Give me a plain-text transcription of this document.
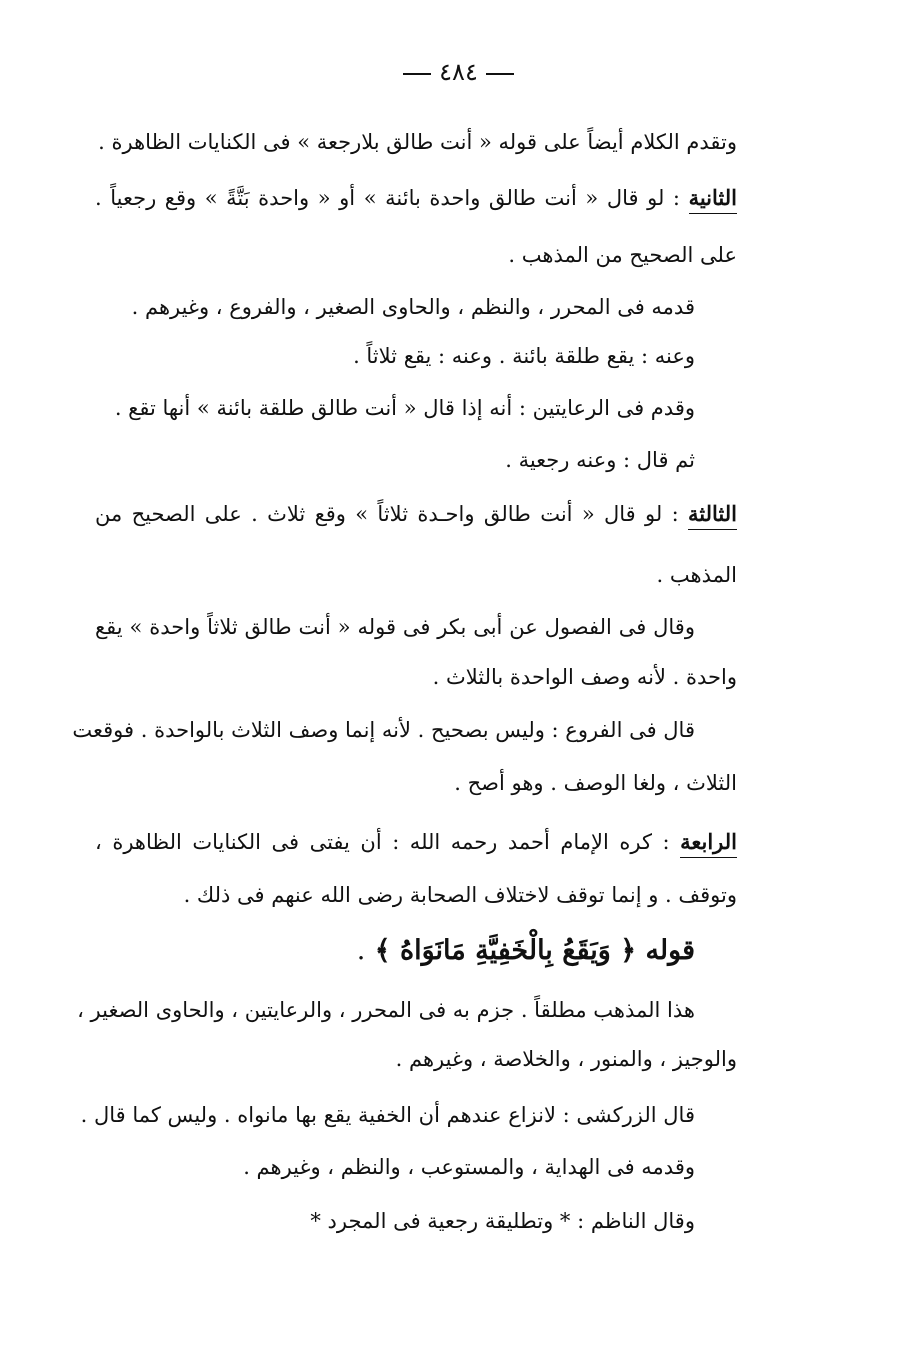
٤٨٤
وتقدم الكلام أيضاً على قوله « أنت طالق بلارجعة » فى الكنايات الظاهرة .
الثانية : لو قال « أنت طالق واحدة بائنة » أو « واحدة بَتَّةً » وقع رجعياً .
على الصحيح من المذهب .
قدمه فى المحرر ، والنظم ، والحاوى الصغير ، والفروع ، وغيرهم .
وعنه : يقع طلقة بائنة . وعنه : يقع ثلاثاً .
وقدم فى الرعايتين : أنه إذا قال « أنت طالق طلقة بائنة » أنها تقع .
ثم قال : وعنه رجعية .
الثالثة : لو قال « أنت طالق واحـدة ثلاثاً » وقع ثلاث . على الصحيح من
المذهب .
وقال فى الفصول عن أبى بكر فى قوله « أنت طالق ثلاثاً واحدة » يقع
واحدة . لأنه وصف الواحدة بالثلاث .
قال فى الفروع : وليس بصحيح . لأنه إنما وصف الثلاث بالواحدة . فوقعت
الثلاث ، ولغا الوصف . وهو أصح .
الرابعة : كره الإمام أحمد رحمه الله : أن يفتى فى الكنايات الظاهرة ،
وتوقف . و إنما توقف لاختلاف الصحابة رضى الله عنهم فى ذلك .
قوله ﴿ وَيَقَعُ بِالْخَفِيَّةِ مَانَوَاهُ ﴾ .
هذا المذهب مطلقاً . جزم به فى المحرر ، والرعايتين ، والحاوى الصغير ،
والوجيز ، والمنور ، والخلاصة ، وغيرهم .
قال الزركشى : لانزاع عندهم أن الخفية يقع بها مانواه . وليس كما قال .
وقدمه فى الهداية ، والمستوعب ، والنظم ، وغيرهم .
وقال الناظم : * وتطليقة رجعية فى المجرد *
